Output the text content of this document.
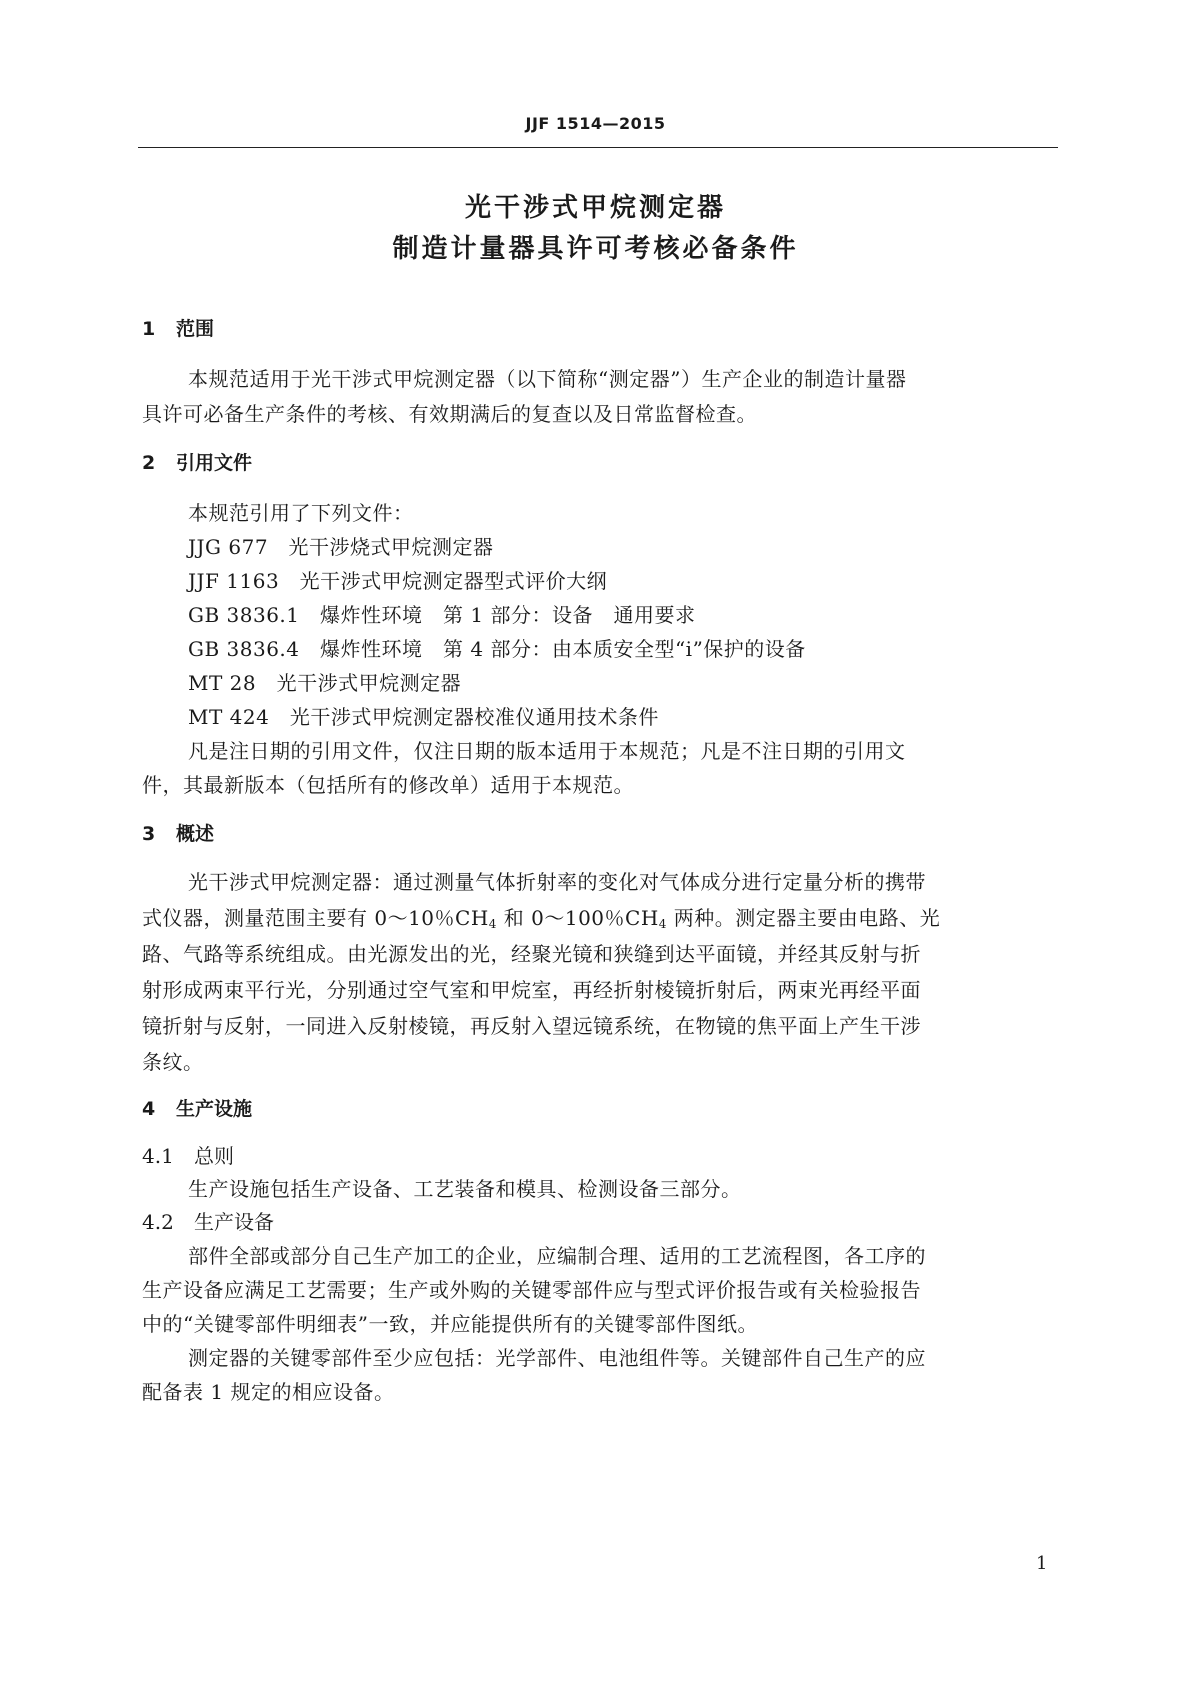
JJF 1514—2015
光干涉式甲烷测定器
制造计量器具许可考核必备条件
1 范围
本规范适用于光干涉式甲烷测定器（以下简称“测定器”）生产企业的制造计量器
具许可必备生产条件的考核、有效期满后的复查以及日常监督检查。
2 引用文件
本规范引用了下列文件：
JJG 677　光干涉烧式甲烷测定器
JJF 1163　光干涉式甲烷测定器型式评价大纲
GB 3836.1　爆炸性环境　第 1 部分：设备　通用要求
GB 3836.4　爆炸性环境　第 4 部分：由本质安全型“i”保护的设备
MT 28　光干涉式甲烷测定器
MT 424　光干涉式甲烷测定器校准仪通用技术条件
凡是注日期的引用文件，仅注日期的版本适用于本规范；凡是不注日期的引用文
件，其最新版本（包括所有的修改单）适用于本规范。
3 概述
光干涉式甲烷测定器：通过测量气体折射率的变化对气体成分进行定量分析的携带
式仪器，测量范围主要有 0～10％$CH_4$ 和 0～100％$CH_4$ 两种。测定器主要由电路、光
路、气路等系统组成。由光源发出的光，经聚光镜和狭缝到达平面镜，并经其反射与折
射形成两束平行光，分别通过空气室和甲烷室，再经折射棱镜折射后，两束光再经平面
镜折射与反射，一同进入反射棱镜，再反射入望远镜系统，在物镜的焦平面上产生干涉
条纹。
4 生产设施
4.1 总则
生产设施包括生产设备、工艺装备和模具、检测设备三部分。
4.2 生产设备
部件全部或部分自己生产加工的企业，应编制合理、适用的工艺流程图，各工序的
生产设备应满足工艺需要；生产或外购的关键零部件应与型式评价报告或有关检验报告
中的“关键零部件明细表”一致，并应能提供所有的关键零部件图纸。
测定器的关键零部件至少应包括：光学部件、电池组件等。关键部件自己生产的应
配备表 1 规定的相应设备。
1
